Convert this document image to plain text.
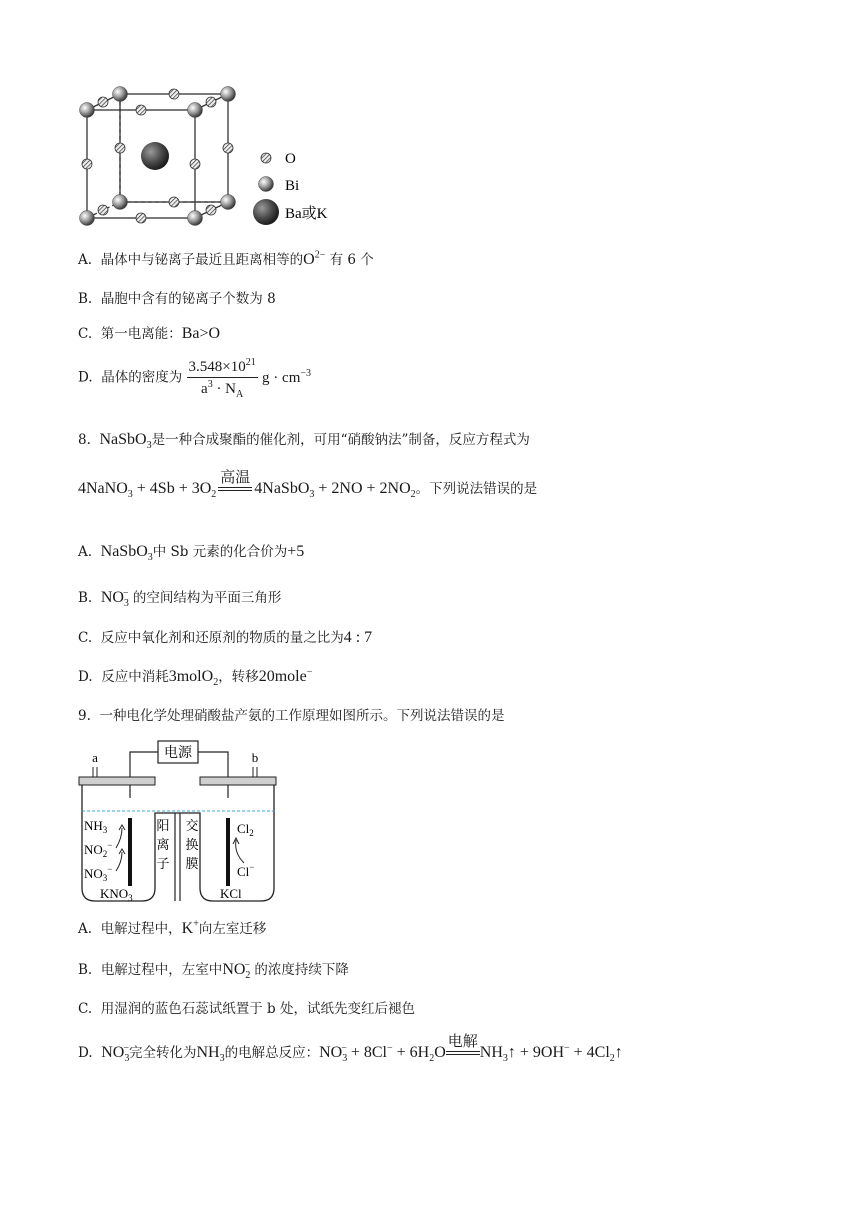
O
Bi
Ba或K
A. 晶体中与铋离子最近且距离相等的$O^{2-}$ 有 6 个
B. 晶胞中含有的铋离子个数为 8
C. 第一电离能：Ba>O
D. 晶体的密度为 $\frac{3.548\times 10^{21}}{a^3 \cdot N_A}$ $g \cdot cm^{-3}$
8. NaSbO$_3$是一种合成聚酯的催化剂，可用“硝酸钠法”制备，反应方程式为
4NaNO$_3$ + $4Sb + 3O_2$
高温
4NaSbO$_3$ + $2NO + 2NO_2$。下列说法错误的是
A. NaSbO$_3$中 Sb 元素的化合价为+5
B. $NO_3^-$ 的空间结构为平面三角形
C. 反应中氧化剂和还原剂的物质的量之比为4 : 7
D. 反应中消耗3molO$_2$，转移20mole−
9. 一种电化学处理硝酸盐产氨的工作原理如图所示。下列说法错误的是
电源
a	b
阳
离
子
交
换
膜
$NH_3$
$NO_2^-$
$NO_3^-$
$KNO_3$
$Cl_2$
Cl−
KCl
A. 电解过程中，K+向左室迁移
B. 电解过程中，左室中$NO_2^-$ 的浓度持续下降
C. 用湿润的蓝色石蕊试纸置于 b 处，试纸先变红后褪色
D. $NO_3^-$完全转化为$NH_3$的电解总反应：$NO_3^- + 8Cl^- + 6H_2O$
电解
$NH_3↑ + 9OH^-$ + $4Cl_2↑$
